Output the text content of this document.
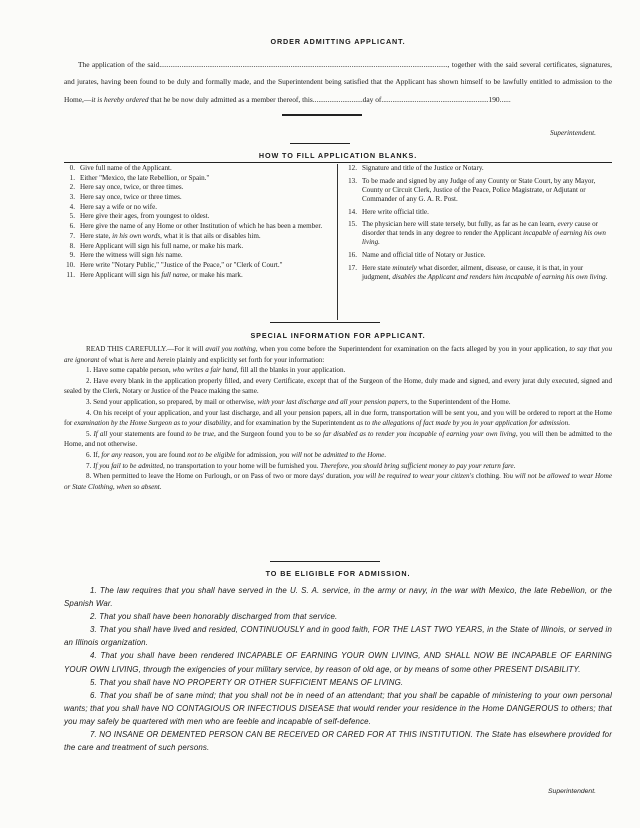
ORDER ADMITTING APPLICANT.
The application of the said............................................................................................................................................................, together with the said several certificates, signatures, and jurates, having been found to be duly and formally made, and the Superintendent being satisfied that the Applicant has shown himself to be lawfully entitled to admission to the Home,—it is hereby ordered that he be now duly admitted as a member thereof, this...........................day of..........................................................190......
Superintendent.
HOW TO FILL APPLICATION BLANKS.
0. Give full name of the Applicant.
1. Either "Mexico, the late Rebellion, or Spain."
2. Here say once, twice, or three times.
3. Here say once, twice or three times.
4. Here say a wife or no wife.
5. Here give their ages, from youngest to oldest.
6. Here give the name of any Home or other Institution of which he has been a member.
7. Here state, in his own words, what it is that ails or disables him.
8. Here Applicant will sign his full name, or make his mark.
9. Here the witness will sign his name.
10. Here write "Notary Public," "Justice of the Peace," or "Clerk of Court."
11. Here Applicant will sign his full name, or make his mark.
12. Signature and title of the Justice or Notary.
13. To be made and signed by any Judge of any County or State Court, by any Mayor, County or Circuit Clerk, Justice of the Peace, Police Magistrate, or Adjutant or Commander of any G. A. R. Post.
14. Here write official title.
15. The physician here will state tersely, but fully, as far as he can learn, every cause or disorder that tends in any degree to render the Applicant incapable of earning his own living.
16. Name and official title of Notary or Justice.
17. Here state minutely what disorder, ailment, disease, or cause, it is that, in your judgment, disables the Applicant and renders him incapable of earning his own living.
SPECIAL INFORMATION FOR APPLICANT.
READ THIS CAREFULLY.—For it will avail you nothing, when you come before the Superintendent for examination on the facts alleged by you in your application, to say that you are ignorant of what is here and herein plainly and explicitly set forth for your information:
1. Have some capable person, who writes a fair hand, fill all the blanks in your application.
2. Have every blank in the application properly filled, and every Certificate, except that of the Surgeon of the Home, duly made and signed, and every jurat duly executed, signed and sealed by the Clerk, Notary or Justice of the Peace making the same.
3. Send your application, so prepared, by mail or otherwise, with your last discharge and all your pension papers, to the Superintendent of the Home.
4. On his receipt of your application, and your last discharge, and all your pension papers, all in due form, transportation will be sent you, and you will be ordered to report at the Home for examination by the Home Surgeon as to your disability, and for examination by the Superintendent as to the allegations of fact made by you in your application for admission.
5. If all your statements are found to be true, and the Surgeon found you to be so far disabled as to render you incapable of earning your own living, you will then be admitted to the Home, and not otherwise.
6. If, for any reason, you are found not to be eligible for admission, you will not be admitted to the Home.
7. If you fail to be admitted, no transportation to your home will be furnished you. Therefore, you should bring sufficient money to pay your return fare.
8. When permitted to leave the Home on Furlough, or on Pass of two or more days' duration, you will be required to wear your citizen's clothing. You will not be allowed to wear Home or State Clothing, when so absent.
TO BE ELIGIBLE FOR ADMISSION.
1. The law requires that you shall have served in the U. S. A. service, in the army or navy, in the war with Mexico, the late Rebellion, or the Spanish War.
2. That you shall have been honorably discharged from that service.
3. That you shall have lived and resided, CONTINUOUSLY and in good faith, FOR THE LAST TWO YEARS, in the State of Illinois, or served in an Illinois organization.
4. That you shall have been rendered INCAPABLE OF EARNING YOUR OWN LIVING, AND SHALL NOW BE INCAPABLE OF EARNING YOUR OWN LIVING, through the exigencies of your military service, by reason of old age, or by means of some other PRESENT DISABILITY.
5. That you shall have NO PROPERTY OR OTHER SUFFICIENT MEANS OF LIVING.
6. That you shall be of sane mind; that you shall not be in need of an attendant; that you shall be capable of ministering to your own personal wants; that you shall have NO CONTAGIOUS OR INFECTIOUS DISEASE that would render your residence in the Home DANGEROUS to others; that you may safely be quartered with men who are feeble and incapable of self-defence.
7. NO INSANE OR DEMENTED PERSON CAN BE RECEIVED OR CARED FOR AT THIS INSTITUTION. The State has elsewhere provided for the care and treatment of such persons.
Superintendent.
